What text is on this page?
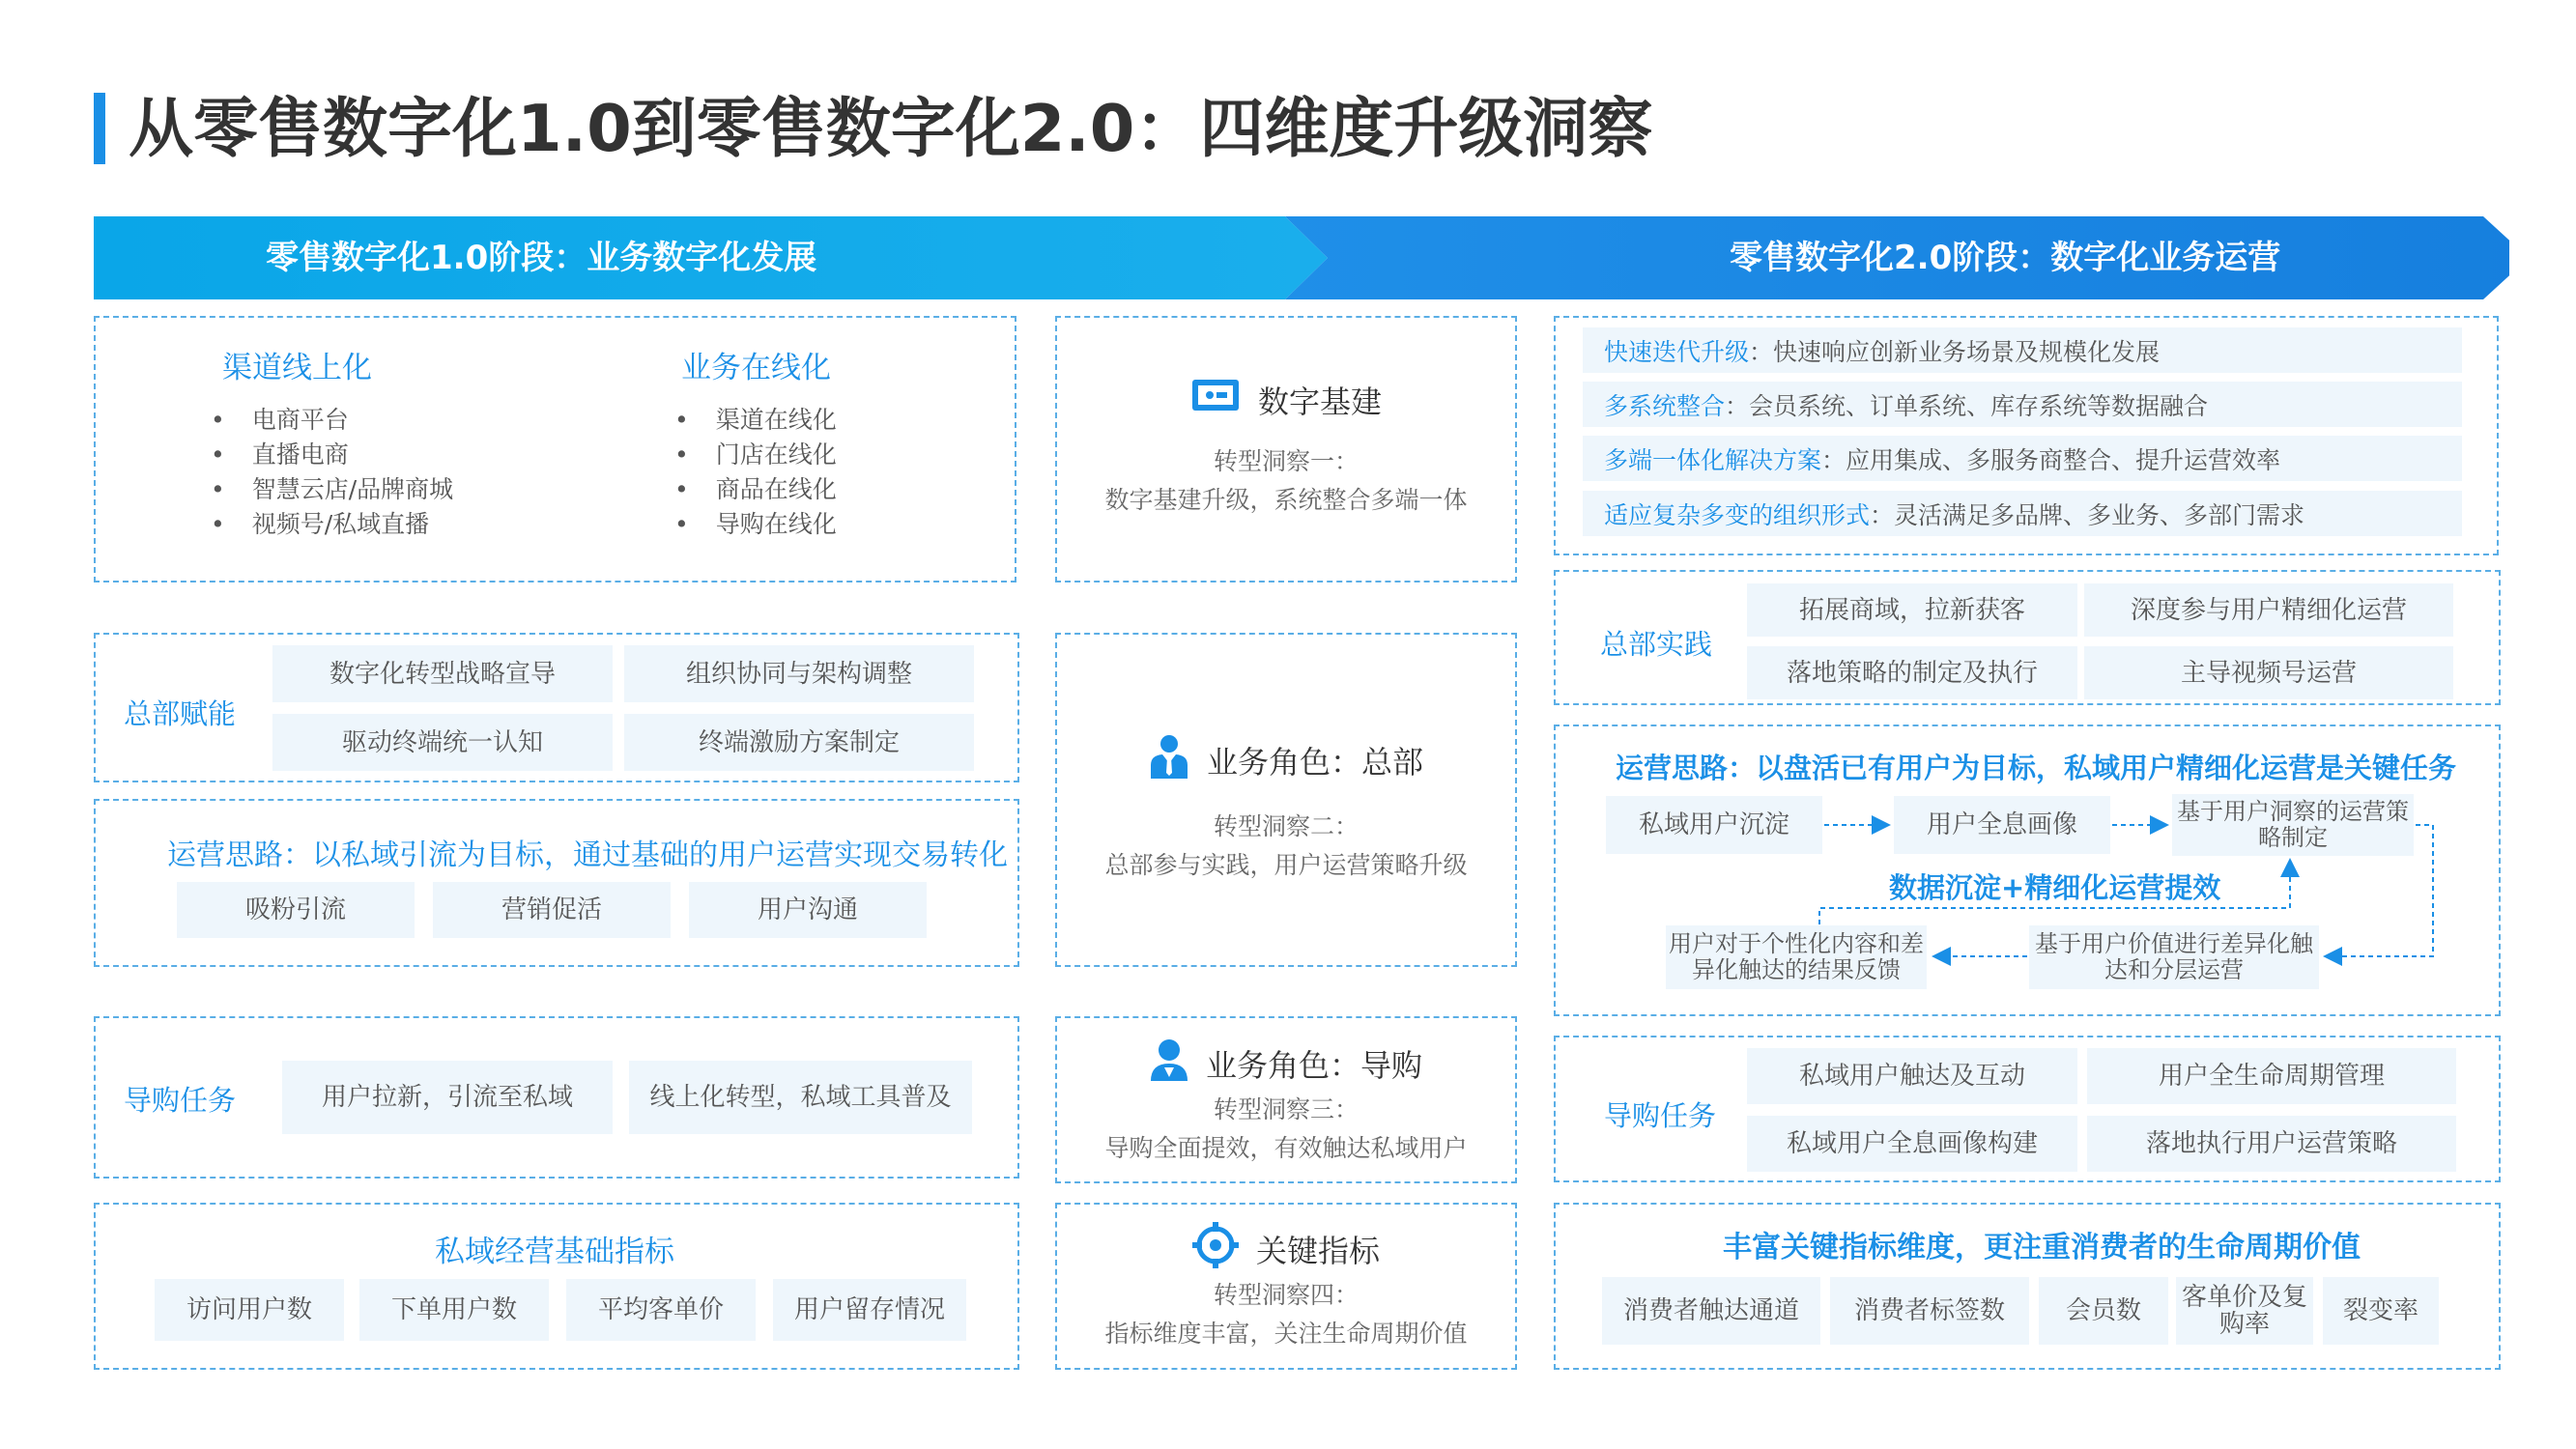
从零售数字化1.0到零售数字化2.0：四维度升级洞察
零售数字化1.0阶段：业务数字化发展	零售数字化2.0阶段：数字化业务运营
渠道线上化
• 电商平台
• 直播电商
• 智慧云店/品牌商城
• 视频号/私域直播
业务在线化
• 渠道在线化
• 门店在线化
• 商品在线化
• 导购在线化
总部赋能
数字化转型战略宣导	组织协同与架构调整
驱动终端统一认知	终端激励方案制定
运营思路：以私域引流为目标，通过基础的用户运营实现交易转化
吸粉引流	营销促活	用户沟通
导购任务	用户拉新，引流至私域	线上化转型，私域工具普及
私域经营基础指标
访问用户数	下单用户数	平均客单价	用户留存情况
数字基建
转型洞察一：
数字基建升级，系统整合多端一体
业务角色：总部
转型洞察二：
总部参与实践，用户运营策略升级
业务角色：导购
转型洞察三：
导购全面提效，有效触达私域用户
关键指标
转型洞察四：
指标维度丰富，关注生命周期价值
快速迭代升级 ：快速响应创新业务场景及规模化发展
多系统整合 ：会员系统、订单系统、库存系统等数据融合
多端一体化解决方案 ：应用集成、多服务商整合、提升运营效率
适应复杂多变的组织形式 ：灵活满足多品牌、多业务、多部门需求
总部实践
拓展商域，拉新获客	深度参与用户精细化运营
落地策略的制定及执行	主导视频号运营
运营思路：以盘活已有用户为目标，私域用户精细化运营是关键任务
私域用户沉淀	用户全息画像	基于用户洞察的运营策略制定
数据沉淀+精细化运营提效
用户对于个性化内容和差异化触达的结果反馈
基于用户价值进行差异化触达和分层运营
导购任务
私域用户触达及互动	用户全生命周期管理
私域用户全息画像构建	落地执行用户运营策略
丰富关键指标维度，更注重消费者的生命周期价值
消费者触达通道	消费者标签数	会员数	客单价及复购率	裂变率
